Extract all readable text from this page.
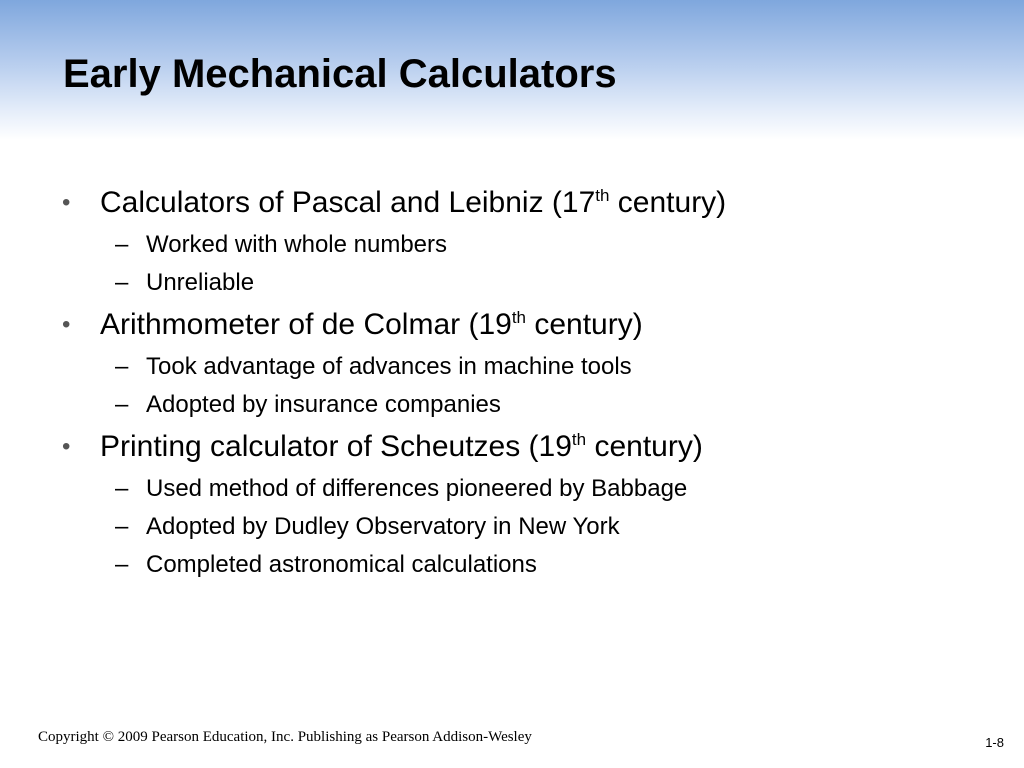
Early Mechanical Calculators
• Calculators of Pascal and Leibniz (17th century)
– Worked with whole numbers
– Unreliable
• Arithmometer of de Colmar (19th century)
– Took advantage of advances in machine tools
– Adopted by insurance companies
• Printing calculator of Scheutzes (19th century)
– Used method of differences pioneered by Babbage
– Adopted by Dudley Observatory in New York
– Completed astronomical calculations
Copyright © 2009 Pearson Education, Inc. Publishing as Pearson Addison-Wesley	1-8
